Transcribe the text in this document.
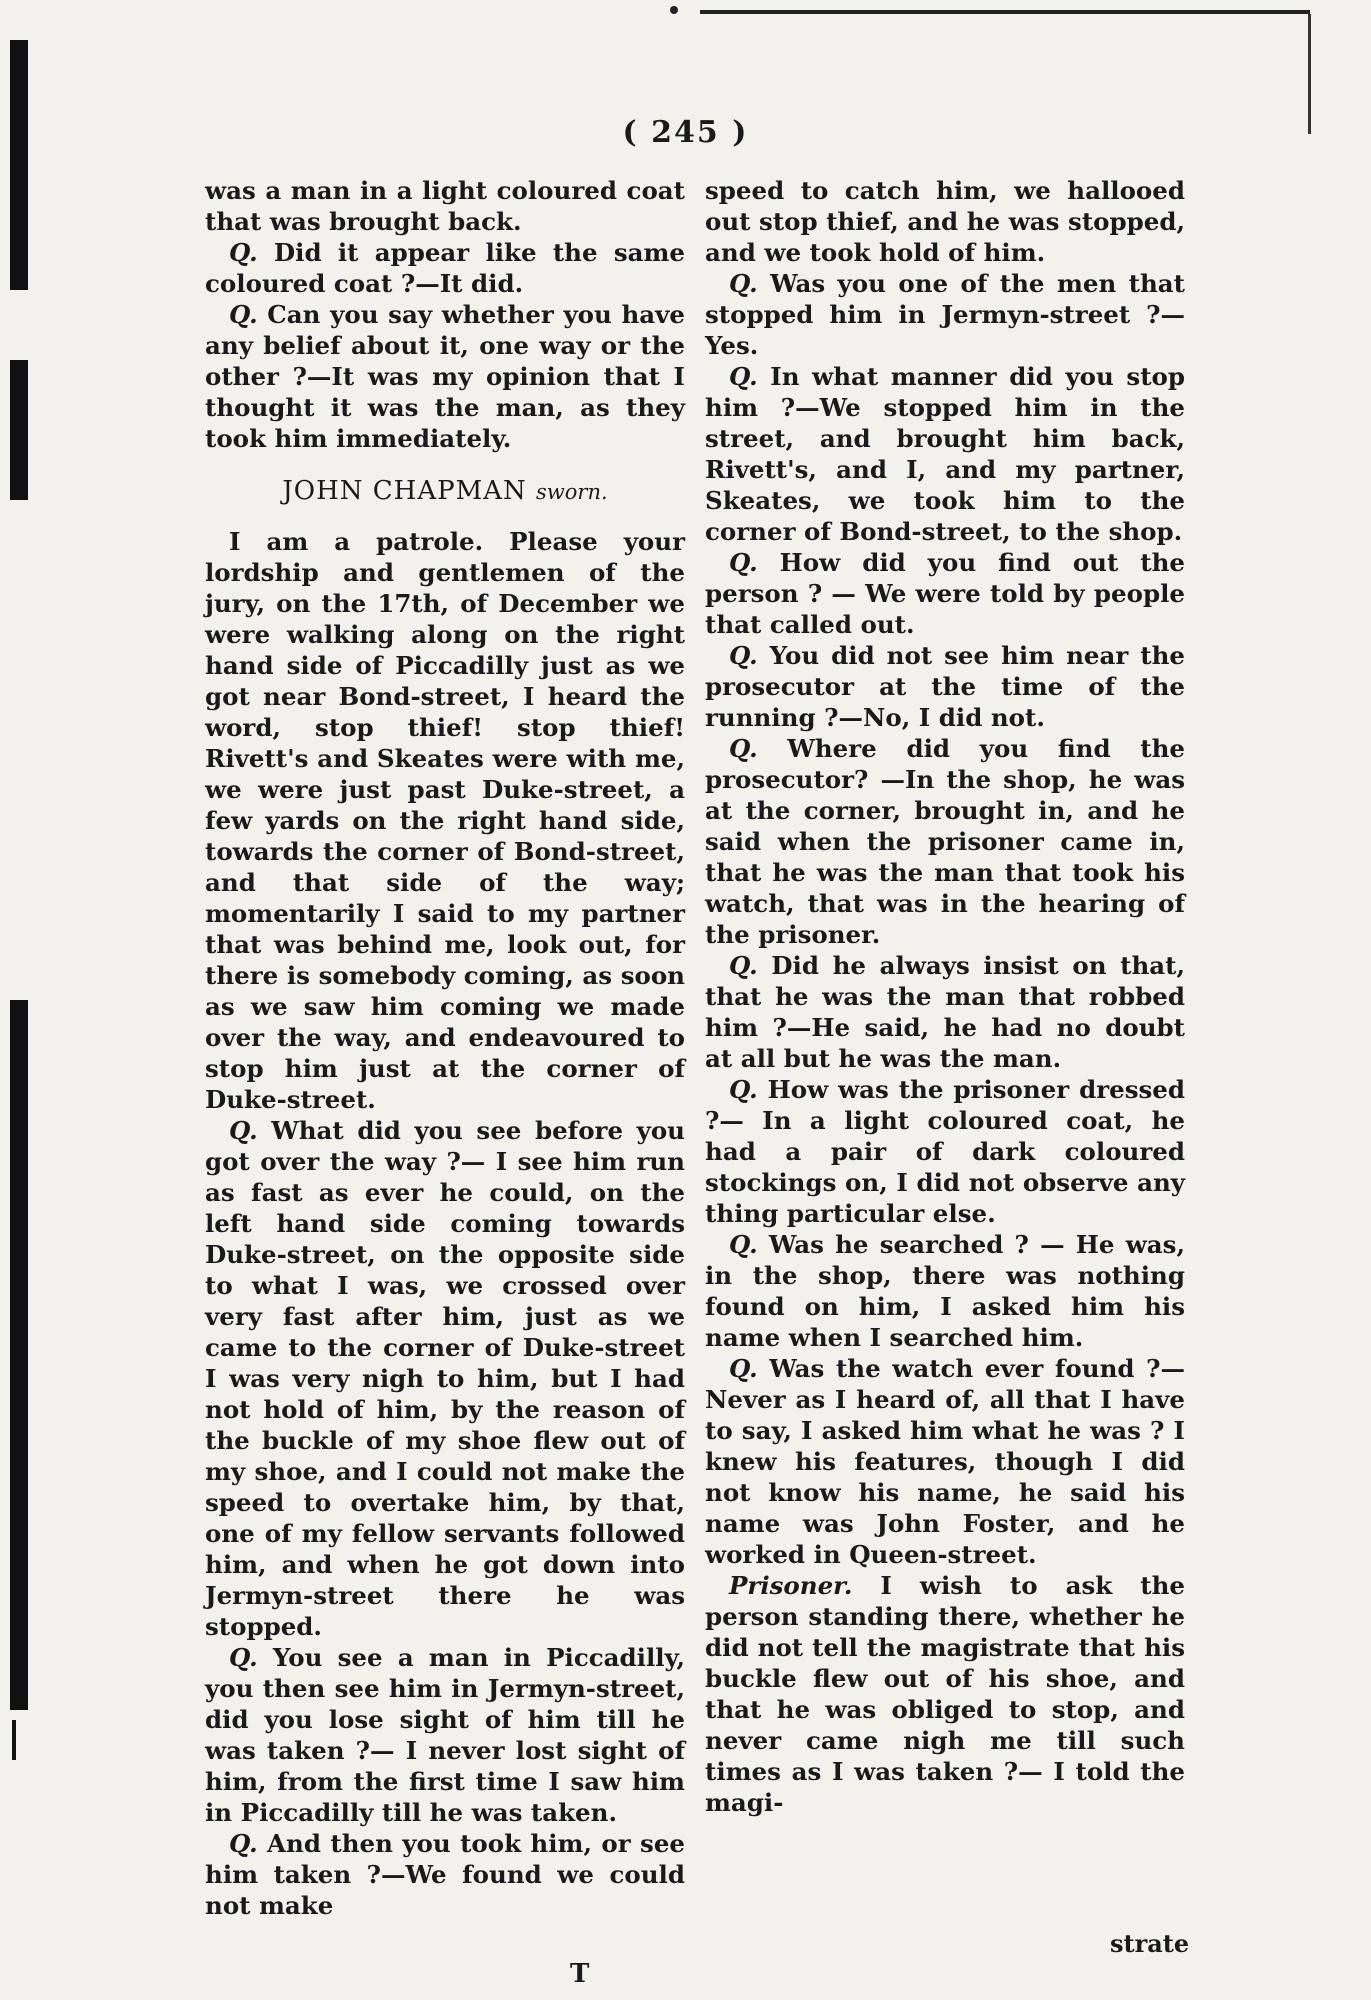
( 245 )

was a man in a light coloured coat that was brought back.

Q. Did it appear like the same coloured coat ?—It did.

Q. Can you say whether you have any belief about it, one way or the other ?—It was my opinion that I thought it was the man, as they took him immediately.

JOHN CHAPMAN sworn.

I am a patrole. Please your lordship and gentlemen of the jury, on the 17th, of December we were walking along on the right hand side of Piccadilly just as we got near Bond-street, I heard the word, stop thief! stop thief! Rivett's and Skeates were with me, we were just past Duke-street, a few yards on the right hand side, towards the corner of Bond-street, and that side of the way; momentarily I said to my partner that was behind me, look out, for there is somebody coming, as soon as we saw him coming we made over the way, and endeavoured to stop him just at the corner of Duke-street.

Q. What did you see before you got over the way ?— I see him run as fast as ever he could, on the left hand side coming towards Duke-street, on the opposite side to what I was, we crossed over very fast after him, just as we came to the corner of Duke-street I was very nigh to him, but I had not hold of him, by the reason of the buckle of my shoe flew out of my shoe, and I could not make the speed to overtake him, by that, one of my fellow servants followed him, and when he got down into Jermyn-street there he was stopped.

Q. You see a man in Piccadilly, you then see him in Jermyn-street, did you lose sight of him till he was taken ?— I never lost sight of him, from the first time I saw him in Piccadilly till he was taken.

Q. And then you took him, or see him taken ?—We found we could not make

speed to catch him, we hallooed out stop thief, and he was stopped, and we took hold of him.

Q. Was you one of the men that stopped him in Jermyn-street ?—Yes.

Q. In what manner did you stop him ?—We stopped him in the street, and brought him back, Rivett's, and I, and my partner, Skeates, we took him to the corner of Bond-street, to the shop.

Q. How did you find out the person ? — We were told by people that called out.

Q. You did not see him near the prosecutor at the time of the running ?—No, I did not.

Q. Where did you find the prosecutor? —In the shop, he was at the corner, brought in, and he said when the prisoner came in, that he was the man that took his watch, that was in the hearing of the prisoner.

Q. Did he always insist on that, that he was the man that robbed him ?—He said, he had no doubt at all but he was the man.

Q. How was the prisoner dressed ?— In a light coloured coat, he had a pair of dark coloured stockings on, I did not observe any thing particular else.

Q. Was he searched ? — He was, in the shop, there was nothing found on him, I asked him his name when I searched him.

Q. Was the watch ever found ?— Never as I heard of, all that I have to say, I asked him what he was ? I knew his features, though I did not know his name, he said his name was John Foster, and he worked in Queen-street.

Prisoner. I wish to ask the person standing there, whether he did not tell the magistrate that his buckle flew out of his shoe, and that he was obliged to stop, and never came nigh me till such times as I was taken ?— I told the magi-

T
strate
